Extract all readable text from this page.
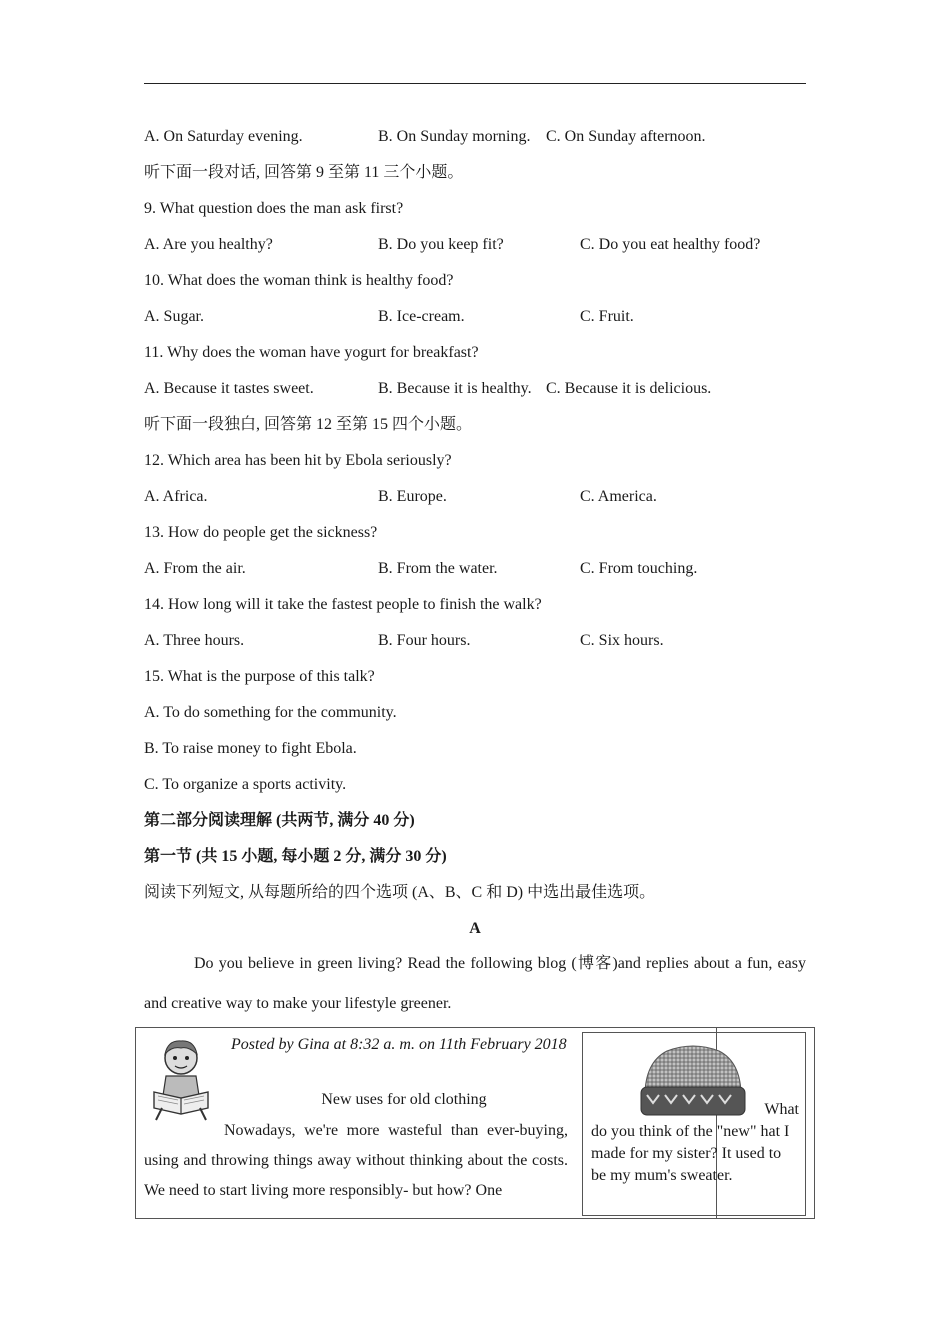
A. On Saturday evening.	B. On Sunday morning. C. On Sunday afternoon.
听下面一段对话, 回答第 9 至第 11 三个小题。
9. What question does the man ask first?
A. Are you healthy?	B. Do you keep fit?	C. Do you eat healthy food?
10. What does the woman think is healthy food?
A. Sugar.	B. Ice-cream.	C. Fruit.
11. Why does the woman have yogurt for breakfast?
A. Because it tastes sweet.	B. Because it is healthy. C. Because it is delicious.
听下面一段独白, 回答第 12 至第 15 四个小题。
12. Which area has been hit by Ebola seriously?
A. Africa.	B. Europe.	C. America.
13. How do people get the sickness?
A. From the air.	B. From the water.	C. From touching.
14. How long will it take the fastest people to finish the walk?
A. Three hours.	B. Four hours.	C. Six hours.
15. What is the purpose of this talk?
A. To do something for the community.
B. To raise money to fight Ebola.
C. To organize a sports activity.
第二部分阅读理解 (共两节, 满分 40 分)
第一节 (共 15 小题, 每小题 2 分, 满分 30 分)
阅读下列短文, 从每题所给的四个选项 (A、B、C 和 D) 中选出最佳选项。
A
Do you believe in green living? Read the following blog (博客)and replies about a fun, easy and creative way to make your lifestyle greener.
Posted by Gina at 8:32 a. m. on 11th February 2018
New uses for old clothing
Nowadays, we're more wasteful than ever-buying, using and throwing things away without thinking about the costs. We need to start living more responsibly- but how? One
What
do you think of the "new" hat I made for my sister? It used to be my mum's sweater.
